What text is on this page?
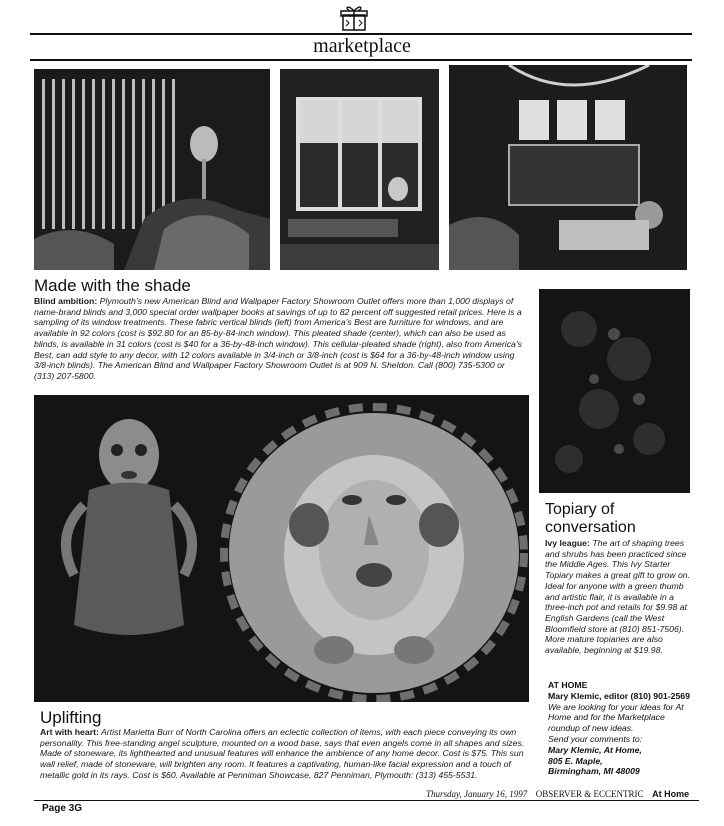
marketplace
Made with the shade
Blind ambition: Plymouth’s new American Blind and Wallpaper Factory Showroom Outlet offers more than 1,000 displays of name-brand blinds and 3,000 special order wallpaper books at savings of up to 82 percent off suggested retail prices. Here is a sampling of its window treatments. These fabric vertical blinds (left) from America’s Best are furniture for windows, and are available in 92 colors (cost is $92.80 for an 85-by-84-inch window). This pleated shade (center), which can also be used as blinds, is available in 31 colors (cost is $40 for a 36-by-48-inch window). This cellular-pleated shade (right), also from America’s Best, can add style to any decor, with 12 colors available in 3/4-inch or 3/8-inch (cost is $64 for a 36-by-48-inch window using 3/8-inch blinds). The American Blind and Wallpaper Factory Showroom Outlet is at 909 N. Sheldon. Call (800) 735-5300 or (313) 207-5800.
Topiary of
conversation
Ivy league: The art of shaping trees and shrubs has been practiced since the Middle Ages. This Ivy Starter Topiary makes a great gift to grow on. Ideal for anyone with a green thumb and artistic flair, it is available in a three-inch pot and retails for $9.98 at English Gardens (call the West Bloomfield store at (810) 851-7506). More mature topiaries are also available, beginning at $19.98.
AT HOME
Mary Klemic, editor (810) 901-2569
We are looking for your ideas for At Home and for the Marketplace roundup of new ideas.
Send your comments to:
Mary Klemic, At Home,
805 E. Maple,
Birmingham, MI 48009
Uplifting
Art with heart: Artist Marietta Burr of North Carolina offers an eclectic collection of items, with each piece conveying its own personality. This free-standing angel sculpture, mounted on a wood base, says that even angels come in all shapes and sizes. Made of stoneware, its lighthearted and unusual features will enhance the ambience of any home decor. Cost is $75. This sun wall relief, made of stoneware, will brighten any room. It features a captivating, human-like facial expression and a touch of metallic gold in its rays. Cost is $60. Available at Penniman Showcase, 827 Penniman, Plymouth: (313) 455-5531.
Thursday, January 16, 1997 OBSERVER & ECCENTRIC At Home
Page 3G
